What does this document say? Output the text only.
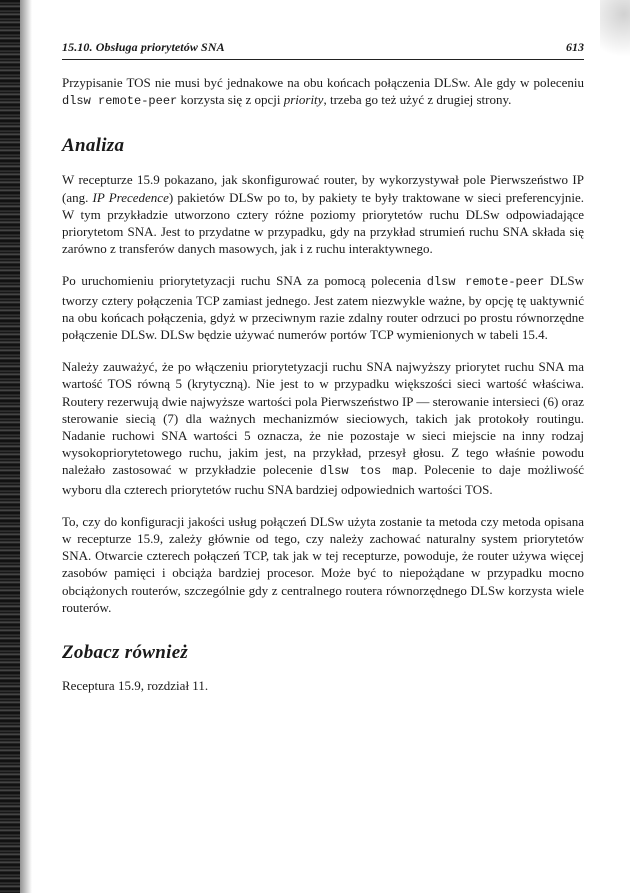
15.10. Obsługa priorytetów SNA	613

Przypisanie TOS nie musi być jednakowe na obu końcach połączenia DLSw. Ale gdy w poleceniu dlsw remote-peer korzysta się z opcji priority, trzeba go też użyć z drugiej strony.

Analiza

W recepturze 15.9 pokazano, jak skonfigurować router, by wykorzystywał pole Pierwszeństwo IP (ang. IP Precedence) pakietów DLSw po to, by pakiety te były traktowane w sieci preferencyjnie. W tym przykładzie utworzono cztery różne poziomy priorytetów ruchu DLSw odpowiadające priorytetom SNA. Jest to przydatne w przypadku, gdy na przykład strumień ruchu SNA składa się zarówno z transferów danych masowych, jak i z ruchu interaktywnego.

Po uruchomieniu priorytetyzacji ruchu SNA za pomocą polecenia dlsw remote-peer DLSw tworzy cztery połączenia TCP zamiast jednego. Jest zatem niezwykle ważne, by opcję tę uaktywnić na obu końcach połączenia, gdyż w przeciwnym razie zdalny router odrzuci po prostu równorzędne połączenie DLSw. DLSw będzie używać numerów portów TCP wymienionych w tabeli 15.4.

Należy zauważyć, że po włączeniu priorytetyzacji ruchu SNA najwyższy priorytet ruchu SNA ma wartość TOS równą 5 (krytyczną). Nie jest to w przypadku większości sieci wartość właściwa. Routery rezerwują dwie najwyższe wartości pola Pierwszeństwo IP — sterowanie intersieci (6) oraz sterowanie siecią (7) dla ważnych mechanizmów sieciowych, takich jak protokoły routingu. Nadanie ruchowi SNA wartości 5 oznacza, że nie pozostaje w sieci miejscie na inny rodzaj wysokopriorytetowego ruchu, jakim jest, na przykład, przesył głosu. Z tego właśnie powodu należało zastosować w przykładzie polecenie dlsw tos map. Polecenie to daje możliwość wyboru dla czterech priorytetów ruchu SNA bardziej odpowiednich wartości TOS.

To, czy do konfiguracji jakości usług połączeń DLSw użyta zostanie ta metoda czy metoda opisana w recepturze 15.9, zależy głównie od tego, czy należy zachować naturalny system priorytetów SNA. Otwarcie czterech połączeń TCP, tak jak w tej recepturze, powoduje, że router używa więcej zasobów pamięci i obciąża bardziej procesor. Może być to niepożądane w przypadku mocno obciążonych routerów, szczególnie gdy z centralnego routera równorzędnego DLSw korzysta wiele routerów.

Zobacz również

Receptura 15.9, rozdział 11.
